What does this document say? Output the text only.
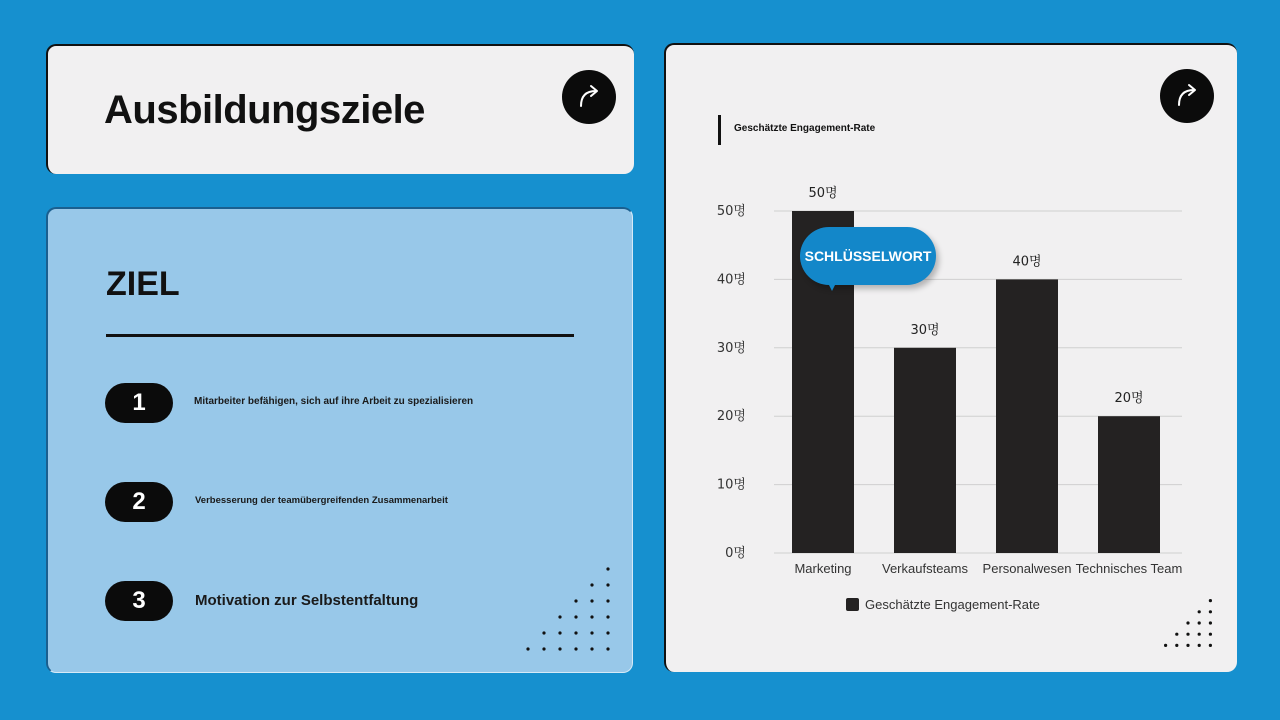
Ausbildungsziele
ZIEL
1	Mitarbeiter befähigen, sich auf ihre Arbeit zu spezialisieren
2	Verbesserung der teamübergreifenden Zusammenarbeit
3	Motivation zur Selbstentfaltung
Geschätzte Engagement-Rate
0명
10명
20명
30명
40명
50명
50명
Marketing
30명
Verkaufsteams
40명
Personalwesen
20명
Technisches Team
SCHLÜSSELWORT
Geschätzte Engagement-Rate
